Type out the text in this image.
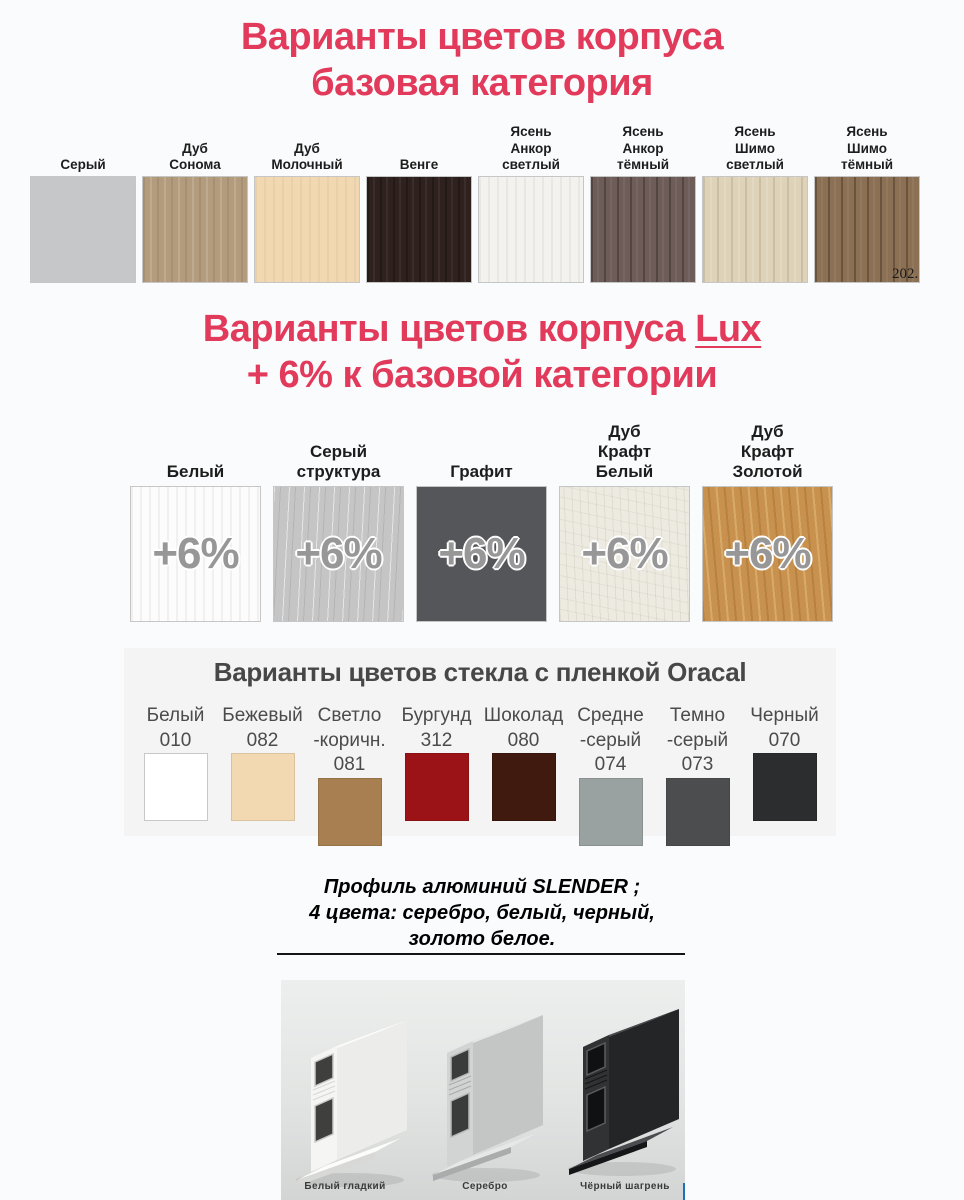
Варианты цветов корпуса
базовая категория
Серый
Дуб
Сонома
Дуб
Молочный	Венге
Ясень
Анкор
светлый
Ясень
Анкор
тёмный
Ясень
Шимо
светлый
Ясень
Шимо
тёмный
202.
Варианты цветов корпуса Lux
+ 6% к базовой категории
Белый
+6%
Серый
структура
+6%
Графит
+6%
Дуб
Крафт
Белый
+6%
Дуб
Крафт
Золотой
+6%
Варианты цветов стекла с пленкой Oracal
Белый
010
Бежевый
082
Светло
-коричн.
081
Бургунд
312
Шоколад
080
Средне
-серый
074
Темно
-серый
073
Черный
070
Профиль алюминий SLENDER ;
4 цвета: серебро, белый, черный,
золото белое.
Белый гладкий	Серебро	Чёрный шагрень
